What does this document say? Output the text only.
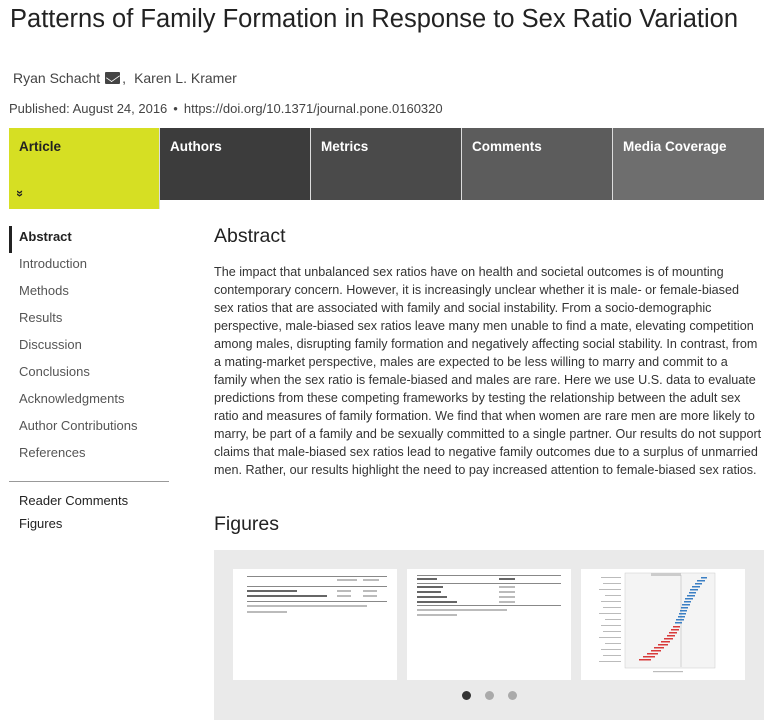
Patterns of Family Formation in Response to Sex Ratio Variation
Ryan Schacht , Karen L. Kramer
Published: August 24, 2016 • https://doi.org/10.1371/journal.pone.0160320
Article
»
Authors	Metrics	Comments	Media Coverage
Abstract
Introduction
Methods
Results
Discussion
Conclusions
Acknowledgments
Author Contributions
References
Reader Comments
Figures
Abstract

The impact that unbalanced sex ratios have on health and societal outcomes is of mounting contemporary concern. However, it is increasingly unclear whether it is male- or female-biased sex ratios that are associated with family and social instability. From a socio-demographic perspective, male-biased sex ratios leave many men unable to find a mate, elevating competition among males, disrupting family formation and negatively affecting social stability. In contrast, from a mating-market perspective, males are expected to be less willing to marry and commit to a family when the sex ratio is female-biased and males are rare. Here we use U.S. data to evaluate predictions from these competing frameworks by testing the relationship between the adult sex ratio and measures of family formation. We find that when women are rare men are more likely to marry, be part of a family and be sexually committed to a single partner. Our results do not support claims that male-biased sex ratios lead to negative family outcomes due to a surplus of unmarried men. Rather, our results highlight the need to pay increased attention to female-biased sex ratios.

Figures
